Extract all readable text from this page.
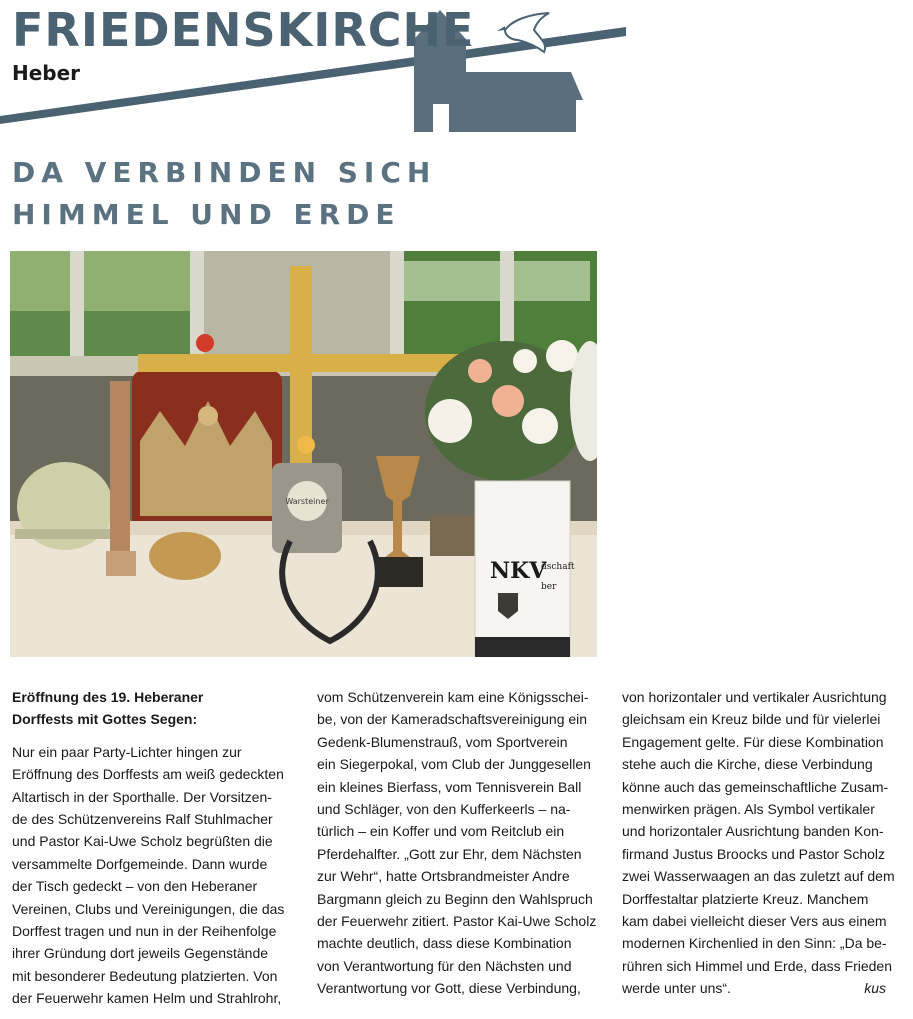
FRIEDENSKIRCHE
Heber
DA VERBINDEN SICH
HIMMEL UND ERDE
Warsteiner
NKV
dschaft
ber

Eröffnung des 19. Heberaner
Dorffests mit Gottes Segen:

Nur ein paar Party-Lichter hingen zur
Eröffnung des Dorffests am weiß gedeckten
Altartisch in der Sporthalle. Der Vorsitzen-
de des Schützenvereins Ralf Stuhlmacher
und Pastor Kai-Uwe Scholz begrüßten die
versammelte Dorfgemeinde. Dann wurde
der Tisch gedeckt – von den Heberaner
Vereinen, Clubs und Vereinigungen, die das
Dorffest tragen und nun in der Reihenfolge
ihrer Gründung dort jeweils Gegenstände
mit besonderer Bedeutung platzierten. Von
der Feuerwehr kamen Helm und Strahlrohr,

vom Schützenverein kam eine Königsschei-
be, von der Kameradschaftsvereinigung ein
Gedenk-Blumenstrauß, vom Sportverein
ein Siegerpokal, vom Club der Junggesellen
ein kleines Bierfass, vom Tennisverein Ball
und Schläger, von den Kufferkeerls – na-
türlich – ein Koffer und vom Reitclub ein
Pferdehalfter. „Gott zur Ehr, dem Nächsten
zur Wehr“, hatte Ortsbrandmeister Andre
Bargmann gleich zu Beginn den Wahlspruch
der Feuerwehr zitiert. Pastor Kai-Uwe Scholz
machte deutlich, dass diese Kombination
von Verantwortung für den Nächsten und
Verantwortung vor Gott, diese Verbindung,

von horizontaler und vertikaler Ausrichtung
gleichsam ein Kreuz bilde und für vielerlei
Engagement gelte. Für diese Kombination
stehe auch die Kirche, diese Verbindung
könne auch das gemeinschaftliche Zusam-
menwirken prägen. Als Symbol vertikaler
und horizontaler Ausrichtung banden Kon-
firmand Justus Broocks und Pastor Scholz
zwei Wasserwaagen an das zuletzt auf dem
Dorffestaltar platzierte Kreuz. Manchem
kam dabei vielleicht dieser Vers aus einem
modernen Kirchenlied in den Sinn: „Da be-
rühren sich Himmel und Erde, dass Frieden

werde unter uns“.	kus
